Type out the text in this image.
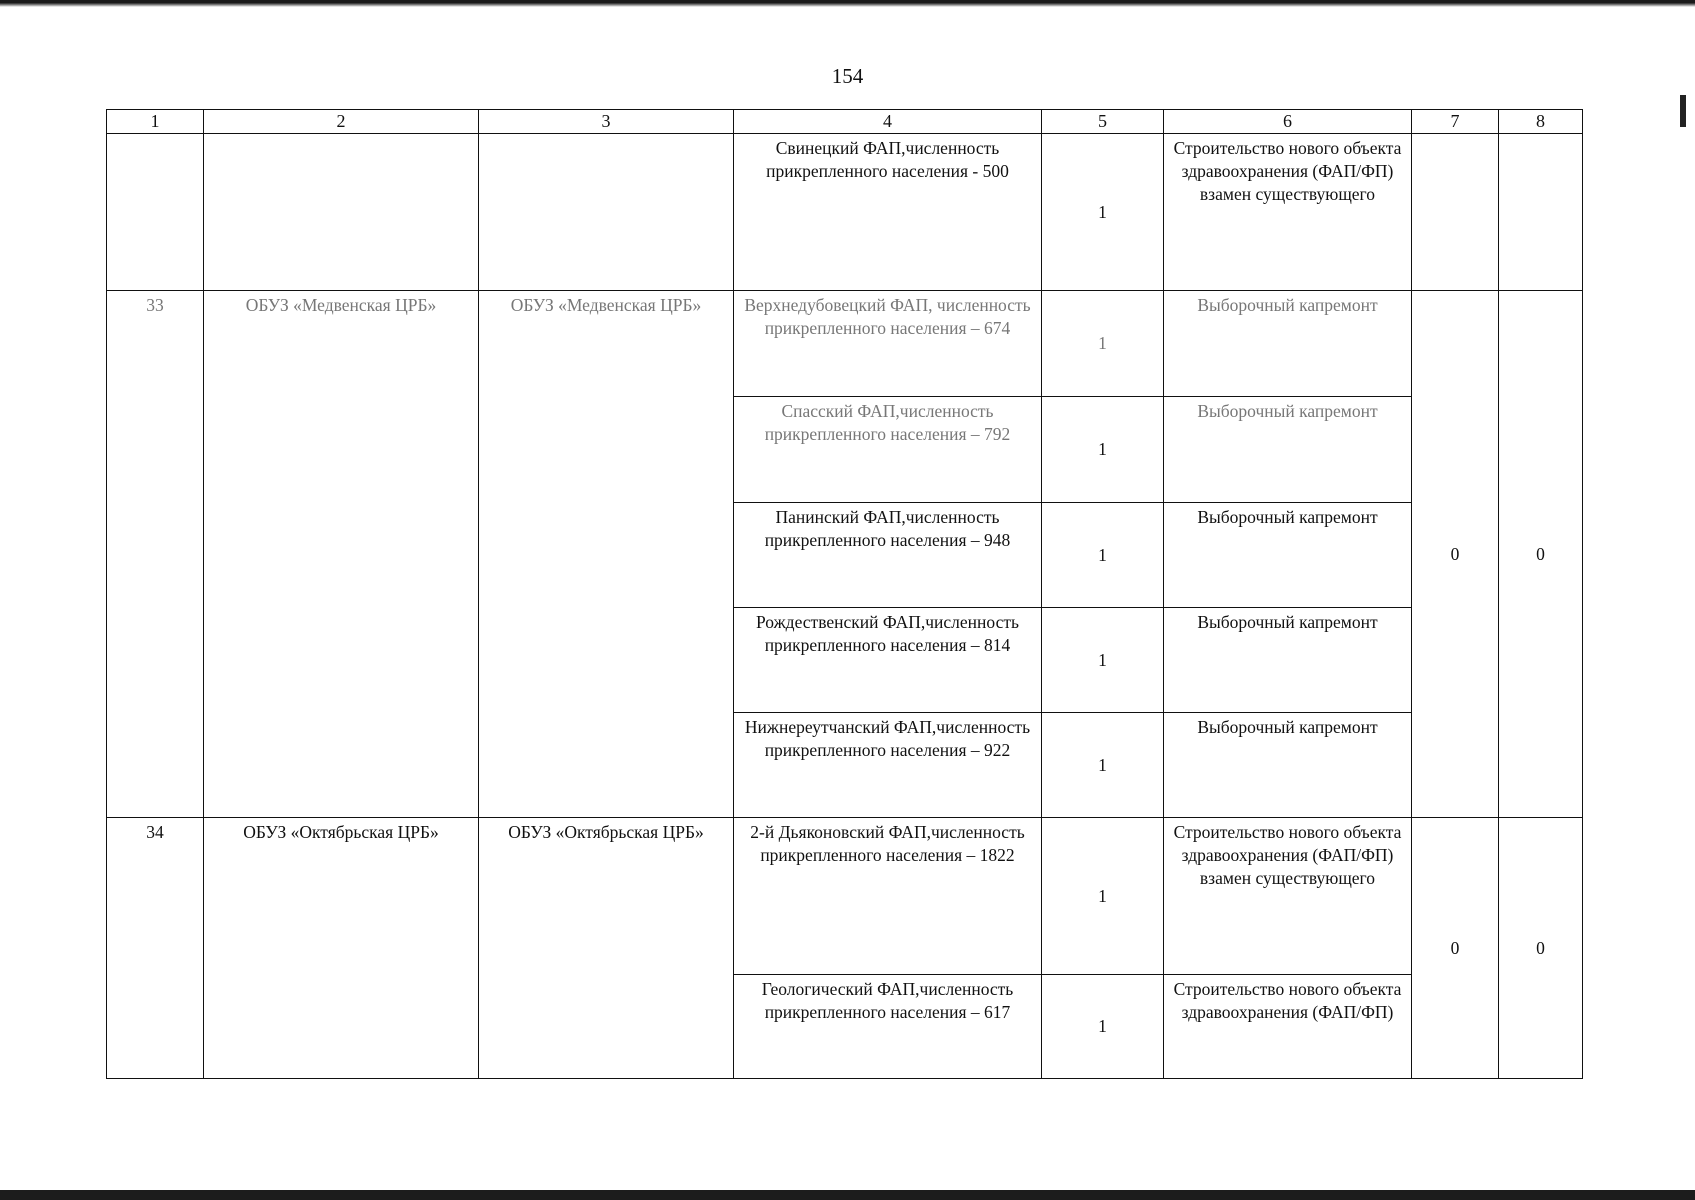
154
1	2	3	4	5	6	7	8
			Свинецкий ФАП,численность прикрепленного населения - 500	1	Строительство нового объекта здравоохранения (ФАП/ФП) взамен существующего		
33	ОБУЗ «Медвенская ЦРБ»	ОБУЗ «Медвенская ЦРБ»	Верхнедубовецкий ФАП, численность прикрепленного населения – 674	1	Выборочный капремонт	0	0
			Спасский ФАП,численность прикрепленного населения – 792	1	Выборочный капремонт		
			Панинский ФАП,численность прикрепленного населения – 948	1	Выборочный капремонт		
			Рождественский ФАП,численность прикрепленного населения – 814	1	Выборочный капремонт		
			Нижнереутчанский ФАП,численность прикрепленного населения – 922	1	Выборочный капремонт		
34	ОБУЗ «Октябрьская ЦРБ»	ОБУЗ «Октябрьская ЦРБ»	2-й Дьяконовский ФАП,численность прикрепленного населения – 1822	1	Строительство нового объекта здравоохранения (ФАП/ФП) взамен существующего	0	0
			Геологический ФАП,численность прикрепленного населения – 617	1	Строительство нового объекта здравоохранения (ФАП/ФП)		
